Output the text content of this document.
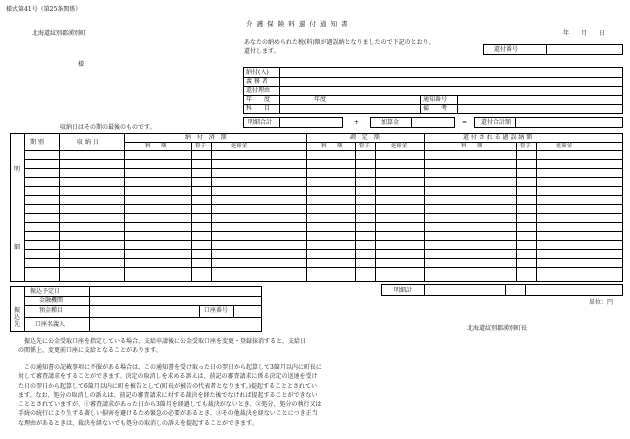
様式第41号（第25条関係）
介 護 保 険 料 還 付 通 知 書
年　　月　　日
北海道紋別郡湧別町
様
あなたの納められた税(料)額が過誤納となりましたので下記のとおり、
還付します。	還付番号
納付(入)
義 務 者
還付理由
年　　度
科　　目
年度	通知番号
備　　考
明細合計	+	加算金	= 還付合計額
収納日はその期の最後のものです。
明
細
期 別	収 納 日
納 付 済 額	調 定 額	還 付 さ れ る 過 誤 納 額
料　　額	督手	延滞金	料　　額	督手	延滞金	料　　額	督手	延滞金
明細計
単位：円
振込先
振込予定日
金融機関
預金種目
口座名義人
口座番号
北海道紋別郡湧別町長
振込先に公金受取口座を指定している場合、支給申請後に公金受取口座を変更・登録抹消すると、支給日の関係上、変更前口座に支給となることがあります。
この通知書の記載事項に不服がある場合は、この通知書を受け取った日の翌日から起算して3箇月以内に町長に対して審査請求をすることができます。決定の取消しを求める訴えは、前記の審査請求に係る決定の送達を受けた日の翌日から起算して6箇月以内に町を被告として(町長が被告の代表者となります。)提起することとされています。なお、処分の取消しの訴えは、前記の審査請求に対する裁決を経た後でなければ提起することができないこととされていますが、①審査請求があった日から3箇月を経過しても裁決がないとき、②処分、処分の執行又は手続の続行により生ずる著しい損害を避けるため緊急の必要があるとき、③その他裁決を経ないことにつき正当な理由があるときは、裁決を経ないでも処分の取消しの訴えを提起することができます。
